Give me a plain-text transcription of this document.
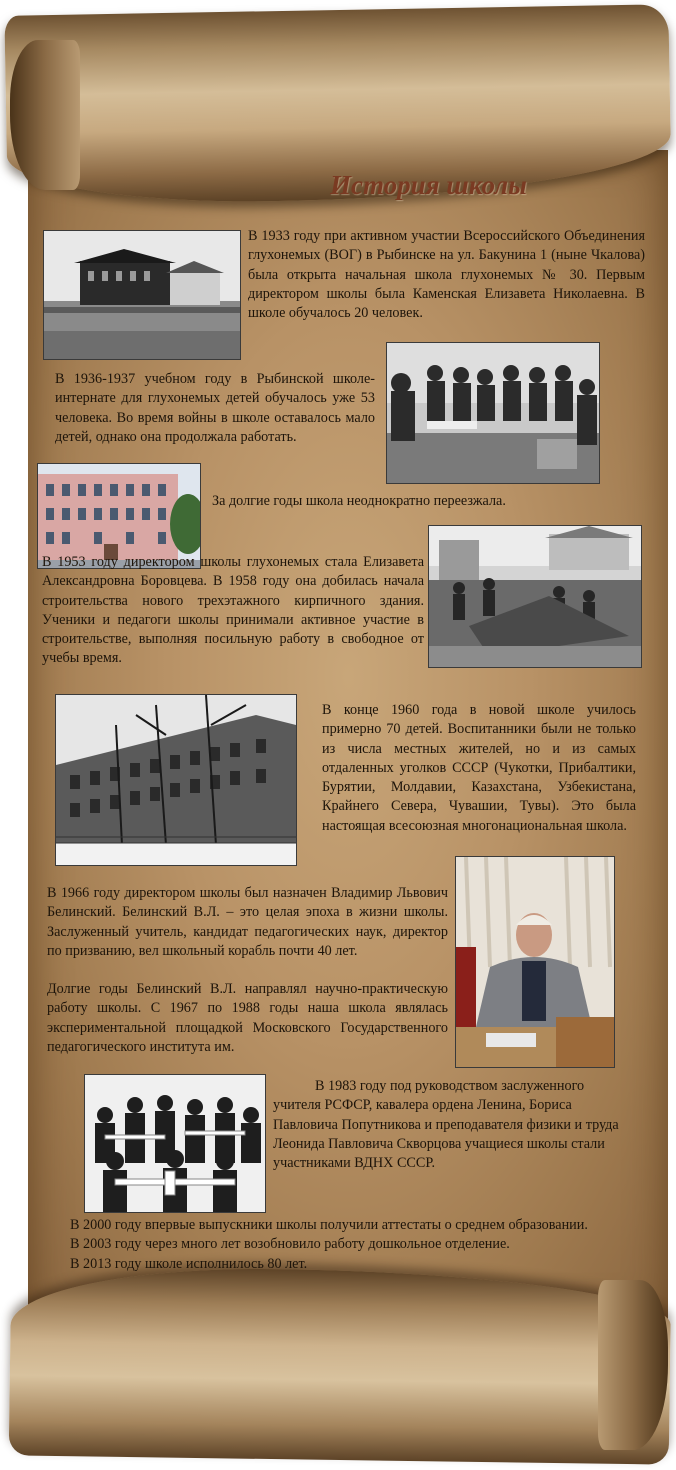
История школы
В 1933 году при активном участии Всероссийского Объединения глухонемых (ВОГ) в Рыбинске на ул. Бакунина 1 (ныне Чкалова) была открыта начальная школа глухонемых № 30. Первым директором школы была Каменская Елизавета Николаевна. В школе обучалось 20 человек.
В 1936-1937 учебном году в Рыбинской школе-интернате для глухонемых детей обучалось уже 53 человека. Во время войны в школе оставалось мало детей, однако она продолжала работать.
За долгие годы школа неоднократно переезжала.
В 1953 году директором школы глухонемых стала Елизавета Александровна Боровцева. В 1958 году она добилась начала строительства нового трехэтажного кирпичного здания. Ученики и педагоги школы принимали активное участие в строительстве, выполняя посильную работу в свободное от учебы время.
В конце 1960 года в новой школе училось примерно 70 детей. Воспитанники были не только из числа местных жителей, но и из самых отдаленных уголков СССР (Чукотки, Прибалтики, Бурятии, Молдавии, Казахстана, Узбекистана, Крайнего Севера, Чувашии, Тувы). Это была настоящая всесоюзная многонациональная школа.
В 1966 году директором школы был назначен Владимир Львович Белинский. Белинский В.Л. – это целая эпоха в жизни школы. Заслуженный учитель, кандидат педагогических наук, директор по призванию, вел школьный корабль почти 40 лет.
Долгие годы Белинский В.Л. направлял научно-практическую работу школы. С 1967 по 1988 годы наша школа являлась экспериментальной площадкой Московского Государственного педагогического института им.

В 1983 году под руководством заслуженного учителя РСФСР, кавалера ордена Ленина, Бориса Павловича Попутникова и преподавателя физики и труда Леонида Павловича Скворцова учащиеся школы стали участниками ВДНХ СССР.

В 2000 году впервые выпускники школы получили аттестаты о среднем образовании.

В 2003 году через много лет возобновило работу дошкольное отделение.

В 2013 году школе исполнилось 80 лет.
